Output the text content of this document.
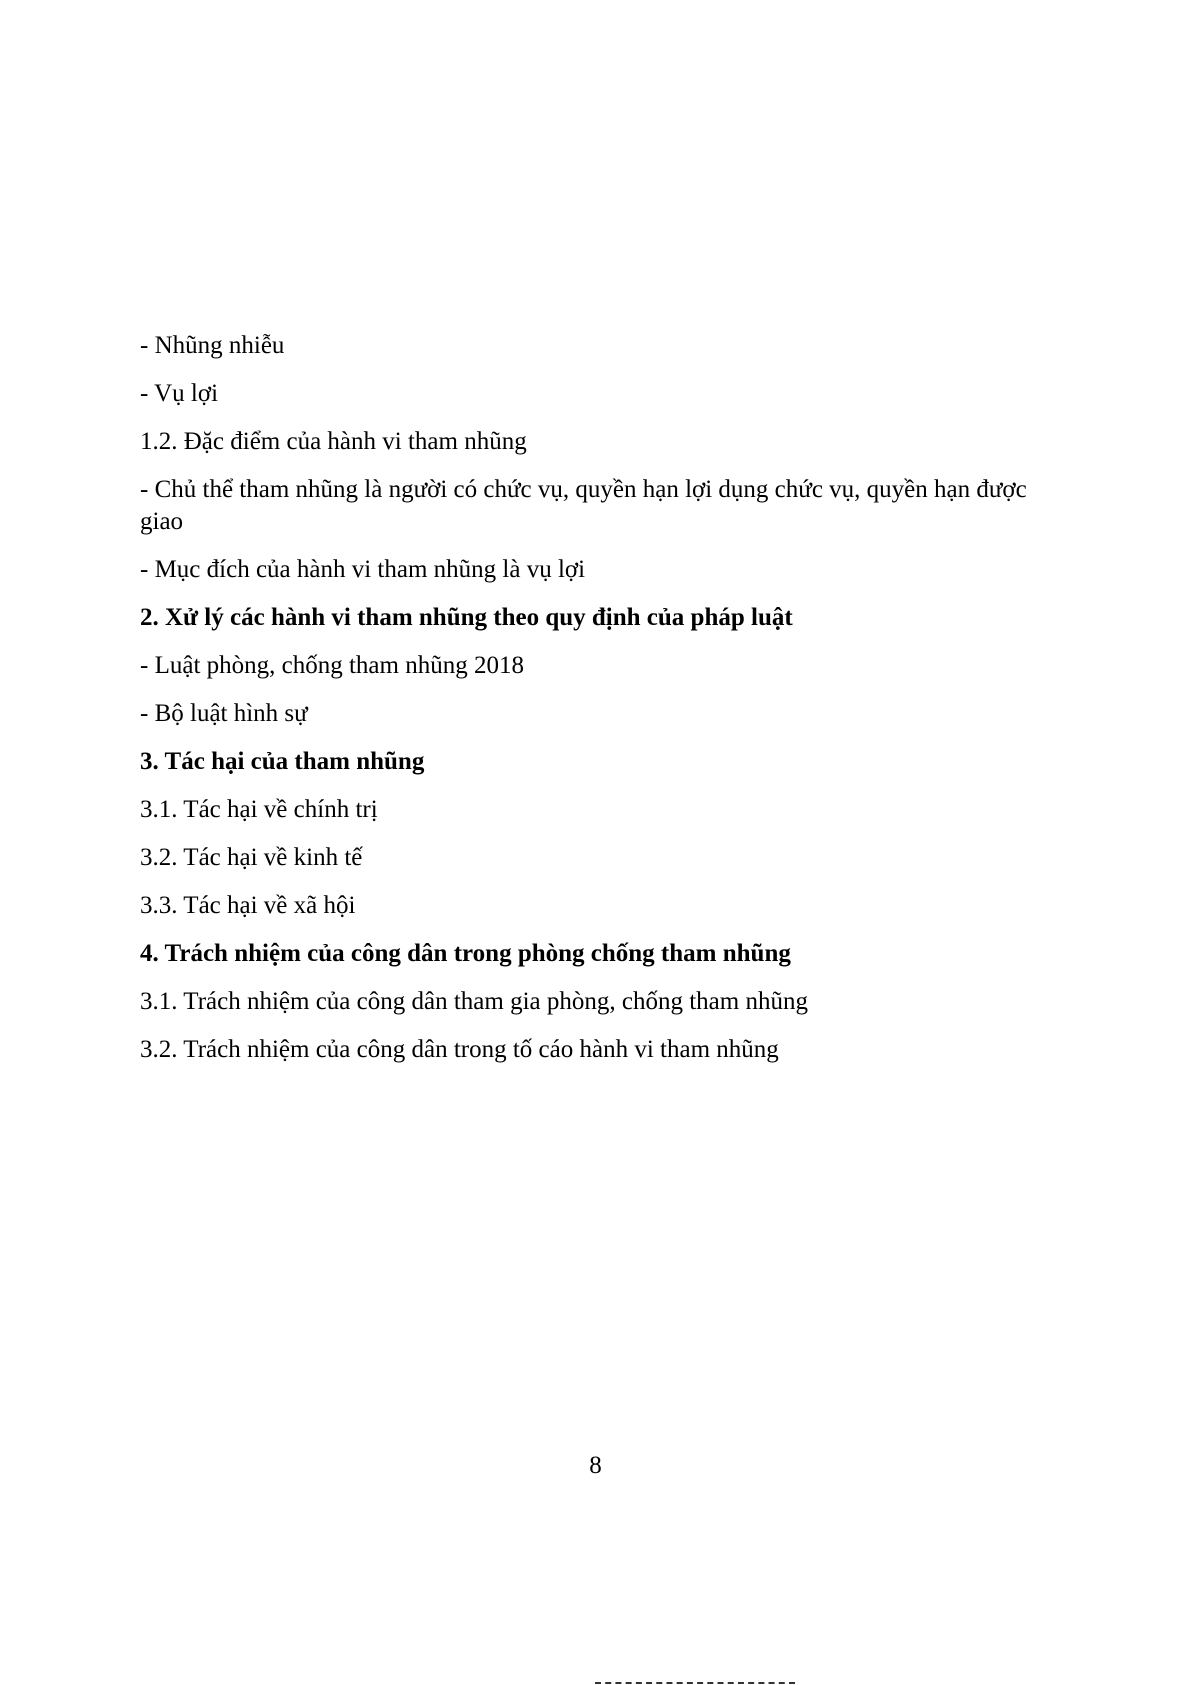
- Nhũng nhiễu

- Vụ lợi

1.2. Đặc điểm của hành vi tham nhũng

- Chủ thể tham nhũng là người có chức vụ, quyền hạn lợi dụng chức vụ, quyền hạn được giao

- Mục đích của hành vi tham nhũng là vụ lợi

2. Xử lý các hành vi tham nhũng theo quy định của pháp luật

- Luật phòng, chống tham nhũng 2018

- Bộ luật hình sự

3. Tác hại của tham nhũng

3.1. Tác hại về chính trị

3.2. Tác hại về kinh tế

3.3. Tác hại về xã hội

4. Trách nhiệm của công dân trong phòng chống tham nhũng

3.1. Trách nhiệm của công dân tham gia phòng, chống tham nhũng

3.2. Trách nhiệm của công dân trong tố cáo hành vi tham nhũng

8
